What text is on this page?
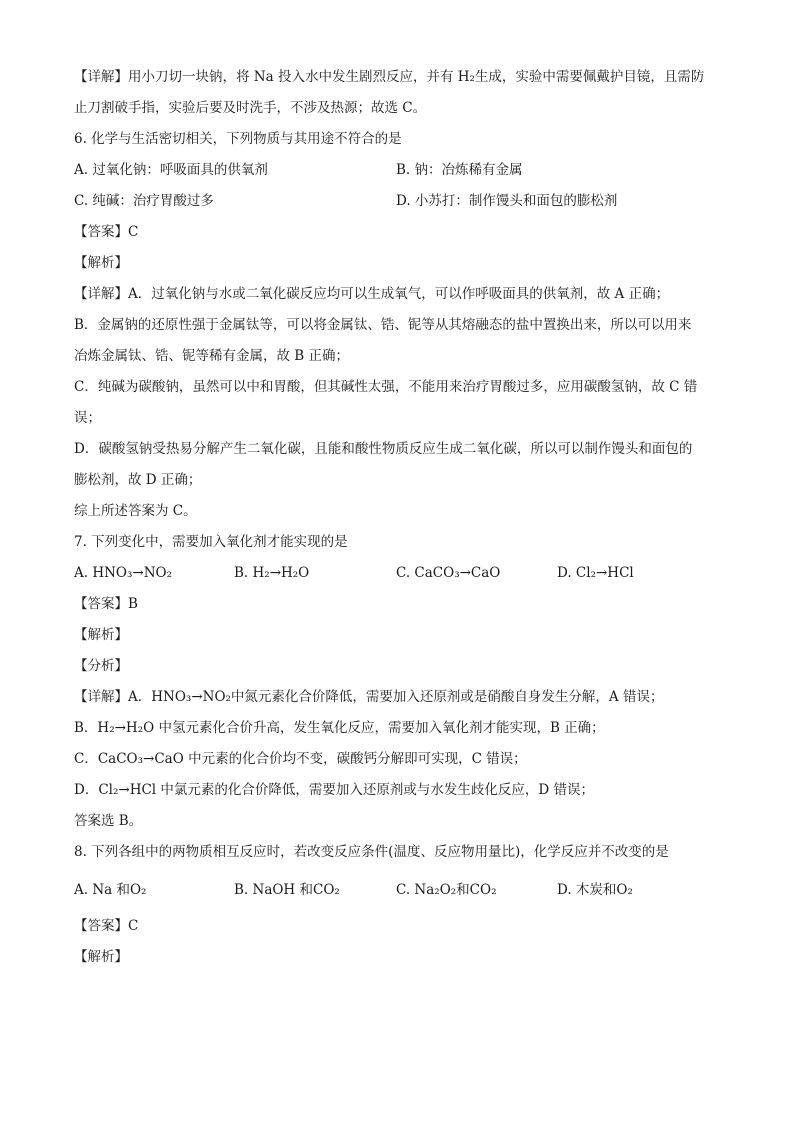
【详解】用小刀切一块钠，将 Na 投入水中发生剧烈反应，并有 H₂生成，实验中需要佩戴护目镜，且需防
止刀割破手指，实验后要及时洗手，不涉及热源；故选 C。
6. 化学与生活密切相关，下列物质与其用途不符合的是
A. 过氧化钠：呼吸面具的供氧剂	B. 钠：冶炼稀有金属
C. 纯碱：治疗胃酸过多	D. 小苏打：制作馒头和面包的膨松剂
【答案】C
【解析】
【详解】A．过氧化钠与水或二氧化碳反应均可以生成氧气，可以作呼吸面具的供氧剂，故 A 正确；
B．金属钠的还原性强于金属钛等，可以将金属钛、锆、铌等从其熔融态的盐中置换出来，所以可以用来
冶炼金属钛、锆、铌等稀有金属，故 B 正确；
C．纯碱为碳酸钠，虽然可以中和胃酸，但其碱性太强，不能用来治疗胃酸过多，应用碳酸氢钠，故 C 错
误；
D．碳酸氢钠受热易分解产生二氧化碳，且能和酸性物质反应生成二氧化碳，所以可以制作馒头和面包的
膨松剂，故 D 正确；
综上所述答案为 C。
7. 下列变化中，需要加入氧化剂才能实现的是
A. HNO₃→NO₂	B. H₂→H₂O	C. CaCO₃→CaO	D. Cl₂→HCl
【答案】B
【解析】
【分析】
【详解】A．HNO₃→NO₂中氮元素化合价降低，需要加入还原剂或是硝酸自身发生分解，A 错误；
B．H₂→H₂O 中氢元素化合价升高，发生氧化反应，需要加入氧化剂才能实现，B 正确；
C．CaCO₃→CaO 中元素的化合价均不变，碳酸钙分解即可实现，C 错误；
D．Cl₂→HCl 中氯元素的化合价降低，需要加入还原剂或与水发生歧化反应，D 错误；
答案选 B。
8. 下列各组中的两物质相互反应时，若改变反应条件(温度、反应物用量比)，化学反应并不改变的是
A. Na 和O₂	B. NaOH 和CO₂	C. Na₂O₂和CO₂	D. 木炭和O₂
【答案】C
【解析】
